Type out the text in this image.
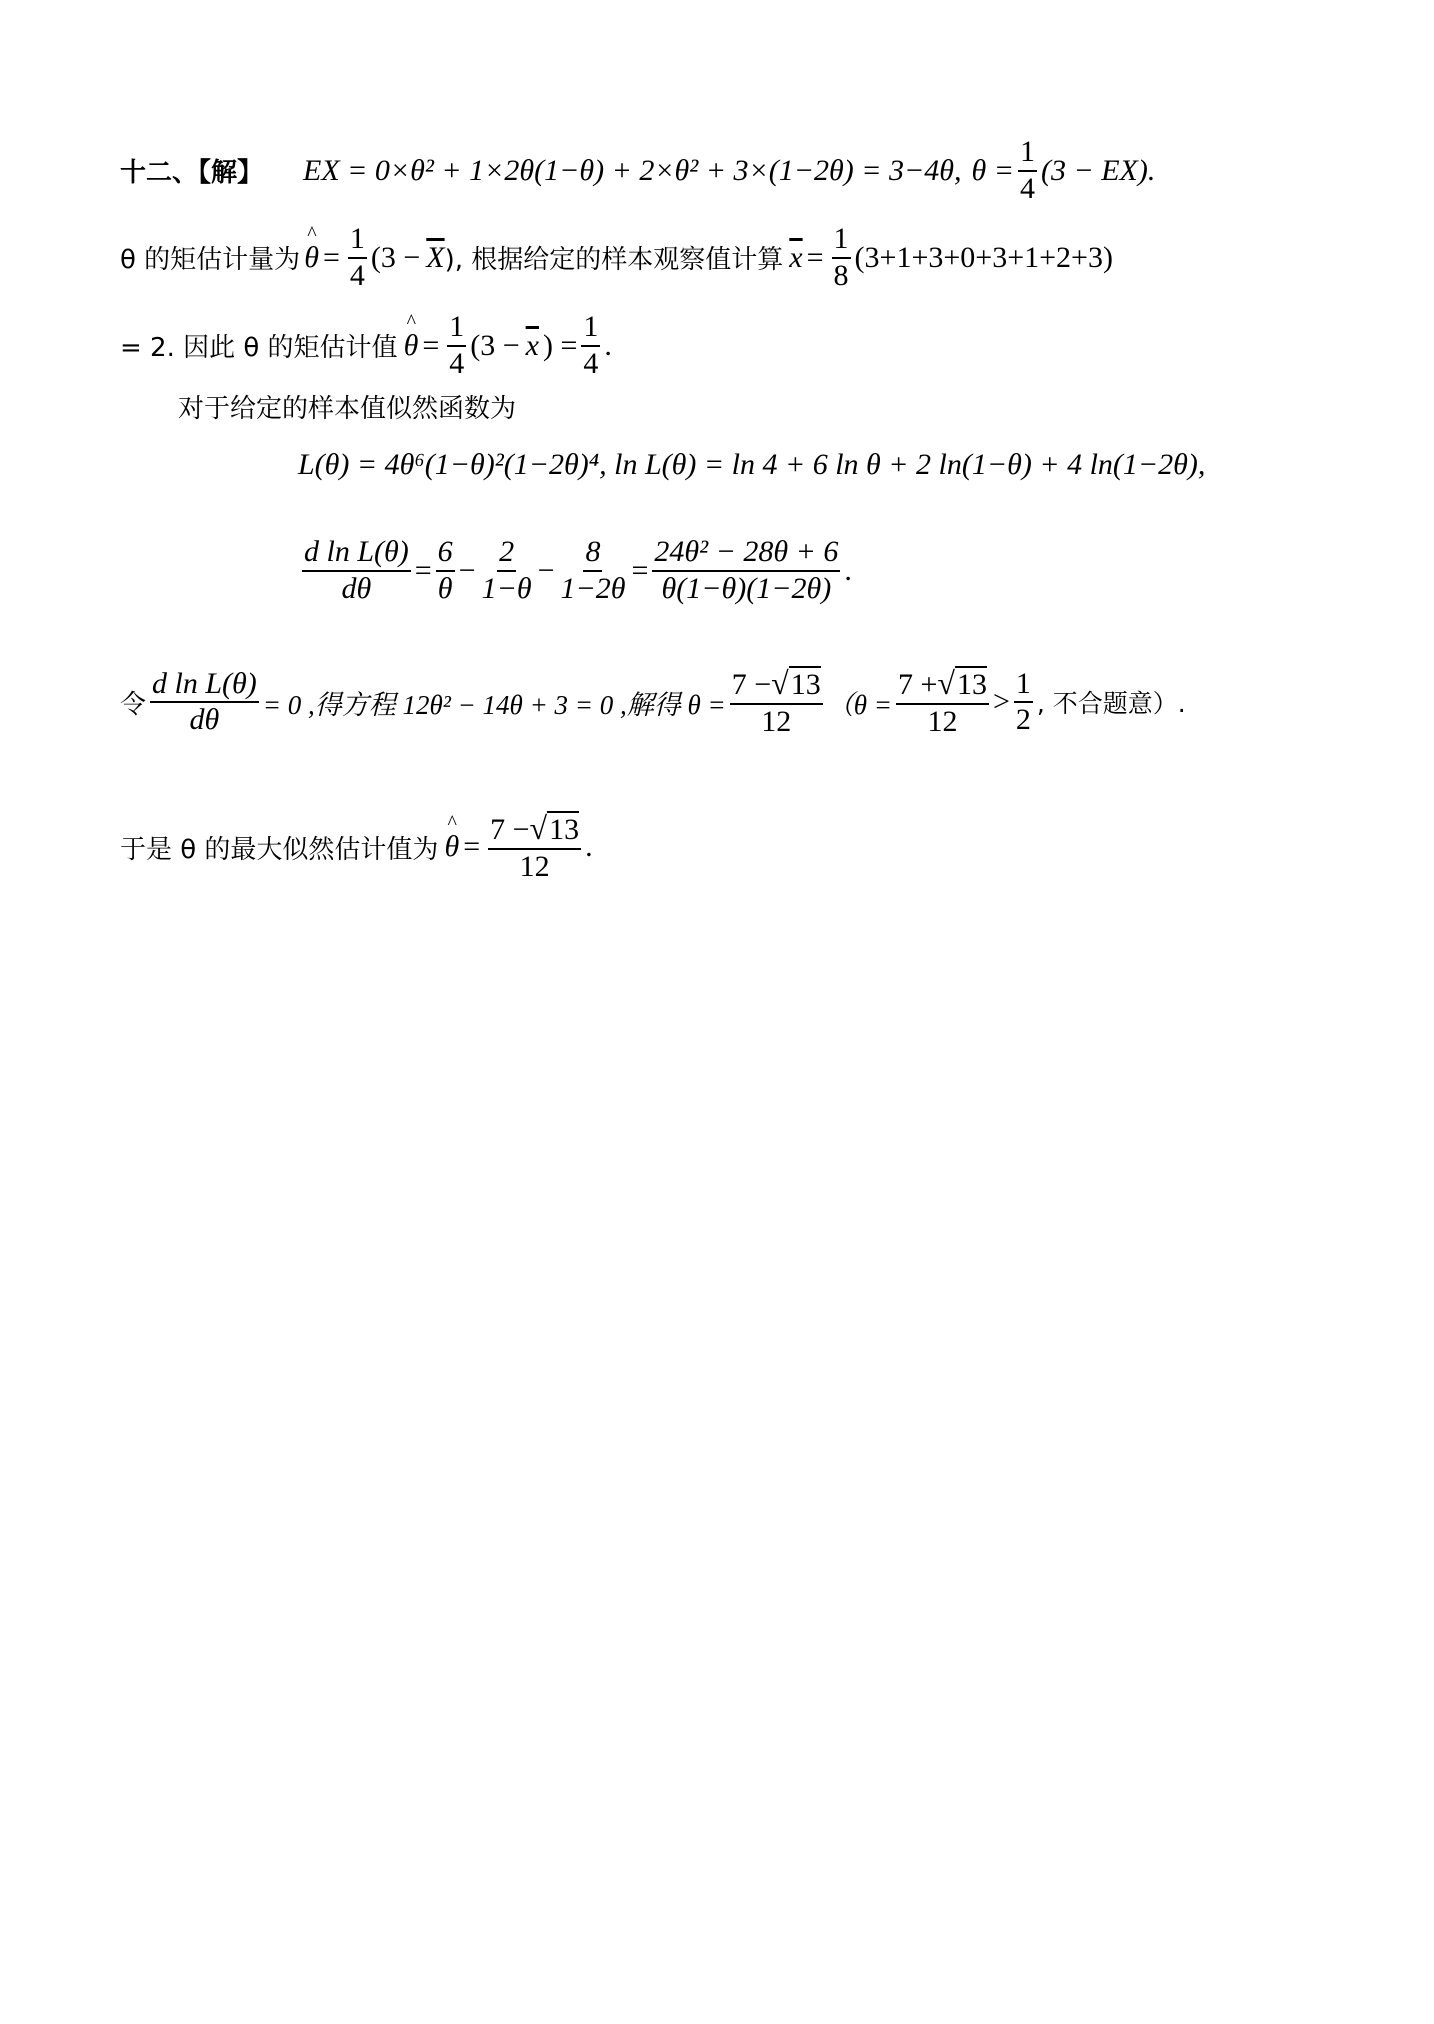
十二、【解】 EX = 0×θ² + 1×2θ(1−θ) + 2×θ² + 3×(1−2θ) = 3−4θ, $\theta = \frac{1}{4} (3 - EX)$.
θ 的矩估计量为 ^ $\theta = \frac{1}{4} (3 - \overline{X}$ ), 根据给定的样本观察值计算 $\overline{x} = \frac{1}{8} (3+1+3+0+3+1+2+3)$
= 2. 因此 θ 的矩估计值 ^ $\theta = \frac{1}{4} (3 - \overline{x}$ ) = $\frac{1}{4}$ .
对于给定的样本值似然函数为
L(θ) = 4θ⁶(1−θ)²(1−2θ)⁴, ln L(θ) = ln 4 + 6 ln θ + 2 ln(1−θ) + 4 ln(1−2θ),
$\frac{\text{d ln L(θ)}}{d\theta} = \frac{6}{\theta} - \frac{2}{1-\theta} - \frac{8}{1-2\theta} = \frac{\text{24θ² − 28θ + 6}}{\theta(1-\theta)(1-2\theta)}$ .
令 $\frac{\text{d ln L(θ)}}{d\theta} = 0$ ,得方程 12θ² − 14θ + 3 = 0 ,解得 $\theta = \frac{7 -√13}{12} (\theta = \frac{7 +√13}{12} > \frac{1}{2}$ , 不合题意）.
于是 θ 的最大似然估计值为 ^ $\theta = \frac{7 -√13}{12}$ .
